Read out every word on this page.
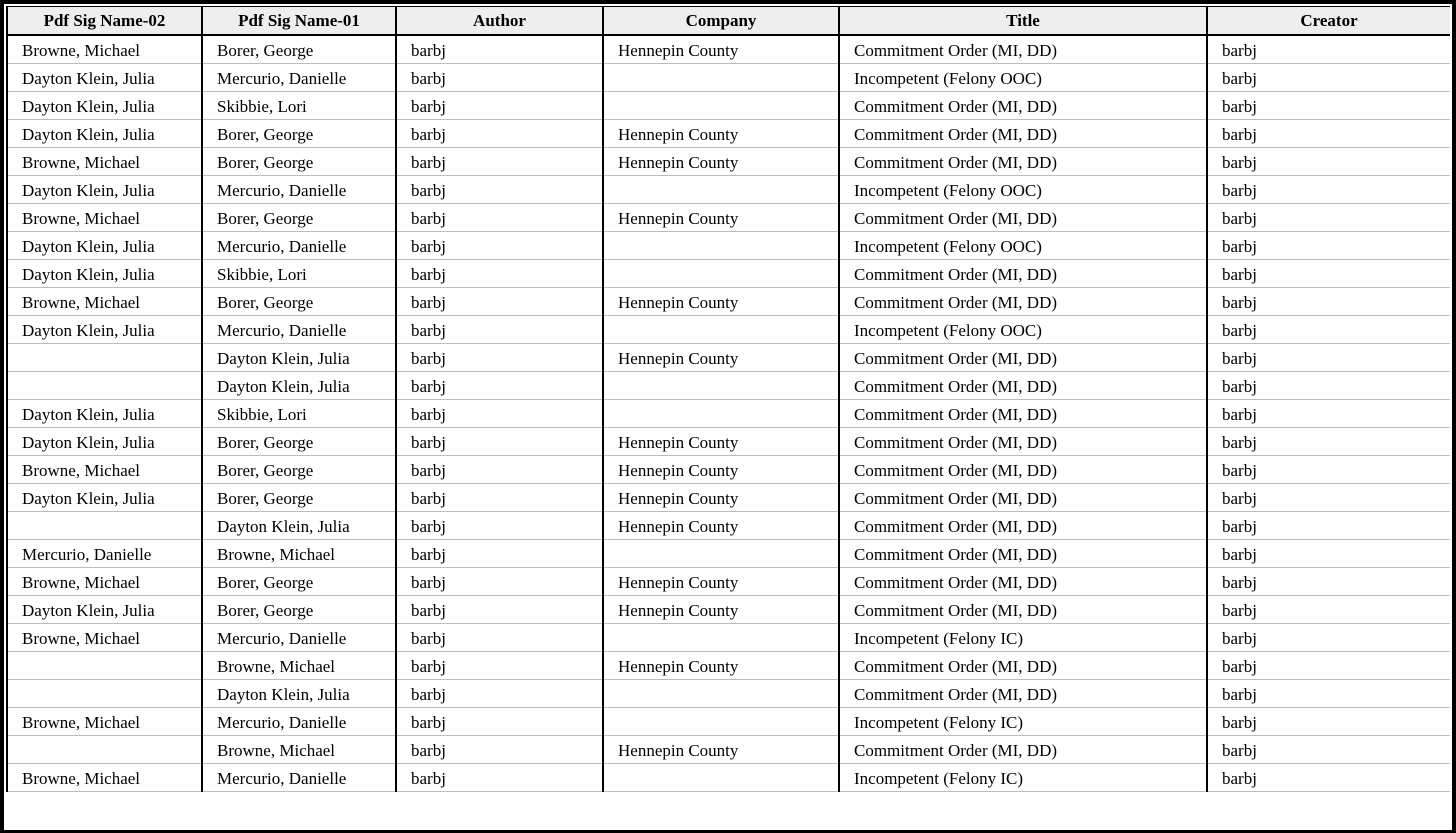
Pdf Sig Name-02	Pdf Sig Name-01	Author	Company	Title	Creator
Browne, Michael	Borer, George	barbj	Hennepin County	Commitment Order (MI, DD)	barbj
Dayton Klein, Julia	Mercurio, Danielle	barbj		Incompetent (Felony OOC)	barbj
Dayton Klein, Julia	Skibbie, Lori	barbj		Commitment Order (MI, DD)	barbj
Dayton Klein, Julia	Borer, George	barbj	Hennepin County	Commitment Order (MI, DD)	barbj
Browne, Michael	Borer, George	barbj	Hennepin County	Commitment Order (MI, DD)	barbj
Dayton Klein, Julia	Mercurio, Danielle	barbj		Incompetent (Felony OOC)	barbj
Browne, Michael	Borer, George	barbj	Hennepin County	Commitment Order (MI, DD)	barbj
Dayton Klein, Julia	Mercurio, Danielle	barbj		Incompetent (Felony OOC)	barbj
Dayton Klein, Julia	Skibbie, Lori	barbj		Commitment Order (MI, DD)	barbj
Browne, Michael	Borer, George	barbj	Hennepin County	Commitment Order (MI, DD)	barbj
Dayton Klein, Julia	Mercurio, Danielle	barbj		Incompetent (Felony OOC)	barbj
	Dayton Klein, Julia	barbj	Hennepin County	Commitment Order (MI, DD)	barbj
	Dayton Klein, Julia	barbj		Commitment Order (MI, DD)	barbj
Dayton Klein, Julia	Skibbie, Lori	barbj		Commitment Order (MI, DD)	barbj
Dayton Klein, Julia	Borer, George	barbj	Hennepin County	Commitment Order (MI, DD)	barbj
Browne, Michael	Borer, George	barbj	Hennepin County	Commitment Order (MI, DD)	barbj
Dayton Klein, Julia	Borer, George	barbj	Hennepin County	Commitment Order (MI, DD)	barbj
	Dayton Klein, Julia	barbj	Hennepin County	Commitment Order (MI, DD)	barbj
Mercurio, Danielle	Browne, Michael	barbj		Commitment Order (MI, DD)	barbj
Browne, Michael	Borer, George	barbj	Hennepin County	Commitment Order (MI, DD)	barbj
Dayton Klein, Julia	Borer, George	barbj	Hennepin County	Commitment Order (MI, DD)	barbj
Browne, Michael	Mercurio, Danielle	barbj		Incompetent (Felony IC)	barbj
	Browne, Michael	barbj	Hennepin County	Commitment Order (MI, DD)	barbj
	Dayton Klein, Julia	barbj		Commitment Order (MI, DD)	barbj
Browne, Michael	Mercurio, Danielle	barbj		Incompetent (Felony IC)	barbj
	Browne, Michael	barbj	Hennepin County	Commitment Order (MI, DD)	barbj
Browne, Michael	Mercurio, Danielle	barbj		Incompetent (Felony IC)	barbj
